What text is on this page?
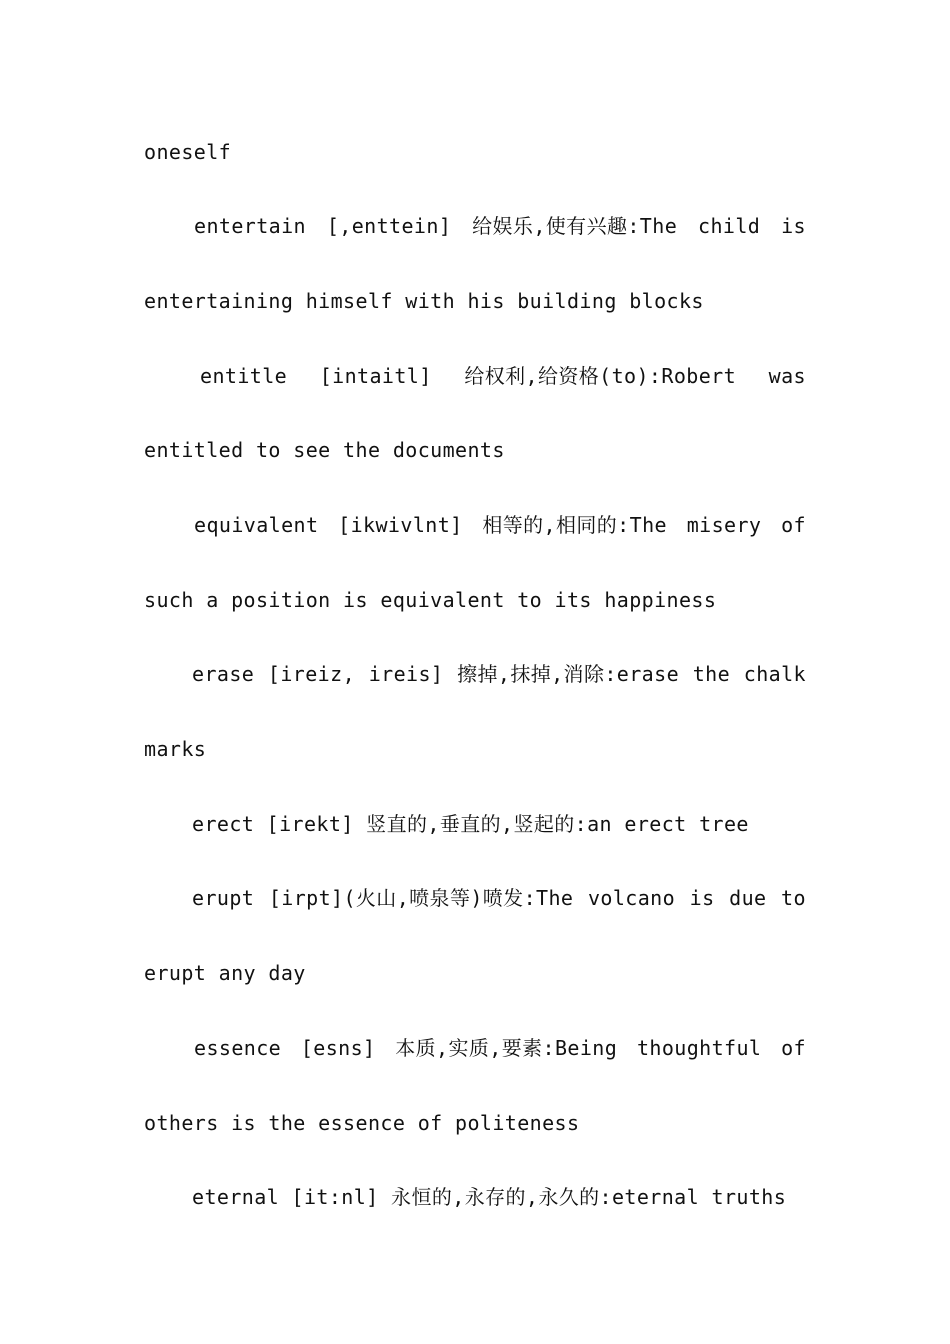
oneself
entertain [,enttein] 给娱乐,使有兴趣:The child is
entertaining himself with his building blocks
entitle [intaitl] 给权利,给资格(to):Robert was
entitled to see the documents
equivalent [ikwivlnt] 相等的,相同的:The misery of
such a position is equivalent to its happiness
erase [ireiz, ireis] 擦掉,抹掉,消除:erase the chalk
marks
erect [irekt] 竖直的,垂直的,竖起的:an erect tree
erupt [irpt](火山,喷泉等)喷发:The volcano is due to
erupt any day
essence [esns] 本质,实质,要素:Being thoughtful of
others is the essence of politeness
eternal [it:nl] 永恒的,永存的,永久的:eternal truths
